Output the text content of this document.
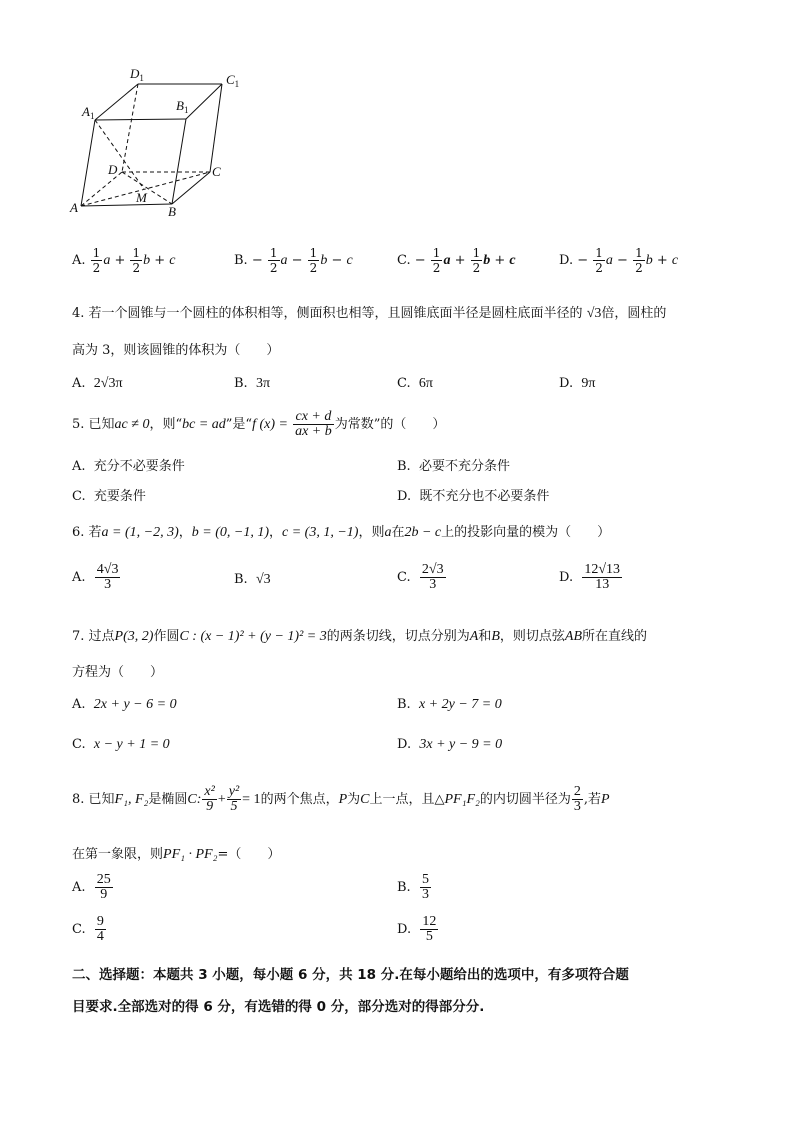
$D_1$	$C_1$
$A_1$
$B_1$
D	C
M
A	B
A. $\frac{1}{2}$ $a + \frac{1}{2}$ b + c	B. − $\frac{1}{2}$ $a - \frac{1}{2}$ b − c	C. − $\frac{1}{2}$ $a + \frac{1}{2}$ b + c	D. − $\frac{1}{2}$ $a - \frac{1}{2}$ b + c
4. 若一个圆锥与一个圆柱的体积相等，侧面积也相等，且圆锥底面半径是圆柱底面半径的 √3倍，圆柱的
高为 3，则该圆锥的体积为（　　）
A. 2√3π	B. 3π	C. 6π	D. 9π
5. 已知ac ≠ 0，则“bc = ad”是“f $(x) = \frac{cx + d}{ax + b}$ 为常数”的（　　）
A. 充分不必要条件	B. 必要不充分条件
C. 充要条件	D. 既不充分也不必要条件
6. 若a = (1, −2, 3)，b = (0, −1, 1)，c = (3, 1, −1)，则a在2b − c上的投影向量的模为（　　）
A. $\frac{4√3}{3}$	B. √3	C. $\frac{2√3}{3}$	D. $\frac{12√13}{13}$
7. 过点P(3, 2)作圆C : (x − 1)² + (y − 1)² = 3的两条切线，切点分别为A和B，则切点弦AB所在直线的
方程为（　　）
A. 2x + y − 6 = 0	B. x + 2y − 7 = 0
C. x − y + 1 = 0	D. 3x + y − 9 = 0
8. 已知F₁, F₂是椭圆C: $\frac{\text{x²}}{9} + \frac{\text{y²}}{5} = 1$的两个焦点，P为C上一点，且△PF₁F₂的内切圆半径为 $\frac{2}{3}$ ,若P
在第一象限，则PF₁ · PF₂=（　　）
A. $\frac{25}{9}$	B. $\frac{5}{3}$
C. $\frac{9}{4}$	D. $\frac{12}{5}$
二、选择题：本题共 3 小题，每小题 6 分，共 18 分.在每小题给出的选项中，有多项符合题
目要求.全部选对的得 6 分，有选错的得 0 分，部分选对的得部分分.
